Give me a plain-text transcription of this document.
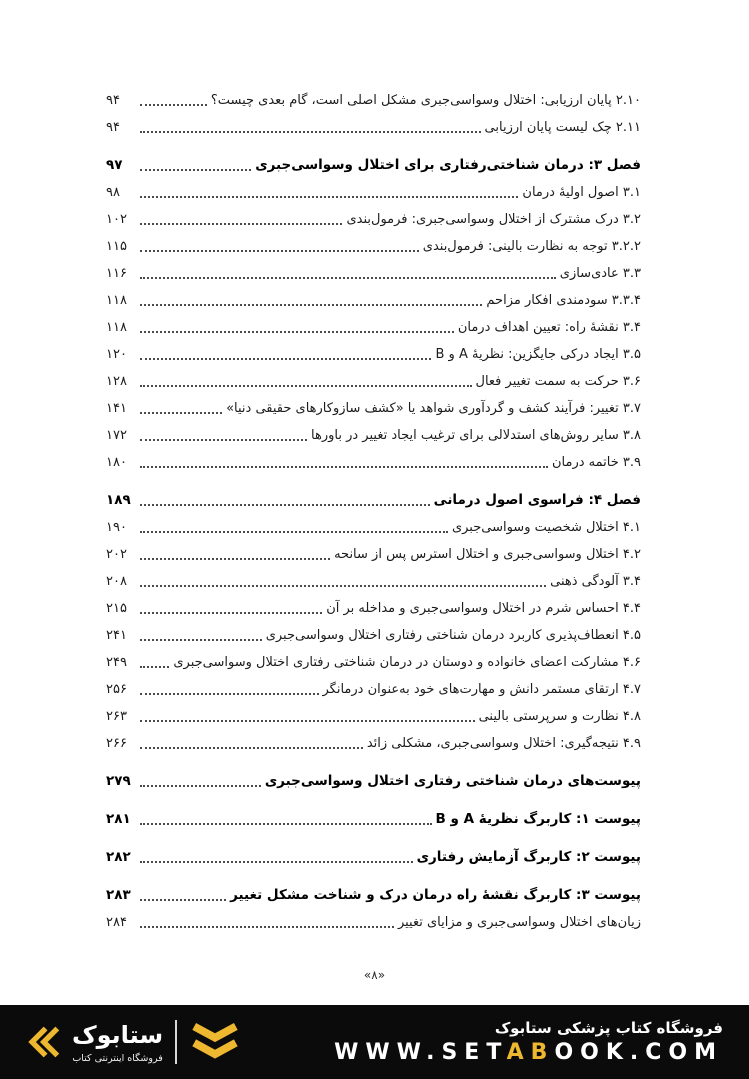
۲.۱۰ پایان ارزیابی: اختلال وسواسی‌جبری مشکل اصلی است، گام بعدی چیست؟
۹۴
۲.۱۱ چک لیست پایان ارزیابی
۹۴
فصل ۳: درمان شناختی‌رفتاری برای اختلال وسواسی‌جبری
۹۷
۳.۱ اصول اولیهٔ درمان
۹۸
۳.۲ درک مشترک از اختلال وسواسی‌جبری: فرمول‌بندی
۱۰۲
۳.۲.۲ توجه به نظارت بالینی: فرمول‌بندی
۱۱۵
۳.۳ عادی‌سازی
۱۱۶
۳.۳.۴ سودمندی افکار مزاحم
۱۱۸
۳.۴ نقشهٔ راه: تعیین اهداف درمان
۱۱۸
۳.۵ ایجاد درکی جایگزین: نظریهٔ A و B
۱۲۰
۳.۶ حرکت به سمت تغییر فعال
۱۲۸
۳.۷ تغییر: فرآیند کشف و گردآوری شواهد یا «کشف سازوکارهای حقیقی دنیا»
۱۴۱
۳.۸ سایر روش‌های استدلالی برای ترغیب ایجاد تغییر در باورها
۱۷۲
۳.۹ خاتمه درمان
۱۸۰
فصل ۴: فراسوی اصول درمانی
۱۸۹
۴.۱ اختلال شخصیت وسواسی‌جبری
۱۹۰
۴.۲ اختلال وسواسی‌جبری و اختلال استرس پس از سانحه
۲۰۲
۳.۴ آلودگی ذهنی
۲۰۸
۴.۴ احساس شرم در اختلال وسواسی‌جبری و مداخله بر آن
۲۱۵
۴.۵ انعطاف‌پذیری کاربرد درمان شناختی رفتاری اختلال وسواسی‌جبری
۲۴۱
۴.۶ مشارکت اعضای خانواده و دوستان در درمان شناختی رفتاری اختلال وسواسی‌جبری
۲۴۹
۴.۷ ارتقای مستمر دانش و مهارت‌های خود به‌عنوان درمانگر
۲۵۶
۴.۸ نظارت و سرپرستی بالینی
۲۶۳
۴.۹ نتیجه‌گیری: اختلال وسواسی‌جبری، مشکلی زائد
۲۶۶
پیوست‌های درمان شناختی رفتاری اختلال وسواسی‌جبری
۲۷۹
پیوست ۱: کاربرگ نظریهٔ A و B
۲۸۱
پیوست ۲: کاربرگ آزمایش رفتاری
۲۸۲
پیوست ۳: کاربرگ نقشهٔ راه درمان درک و شناخت مشکل تغییر
۲۸۳
زیان‌های اختلال وسواسی‌جبری و مزایای تغییر
۲۸۴
«۸»
ستابوک
فروشگاه اینترنتی کتاب
فروشگاه کتاب پزشکی ستابوک
WWW.SETABOOK.COM
